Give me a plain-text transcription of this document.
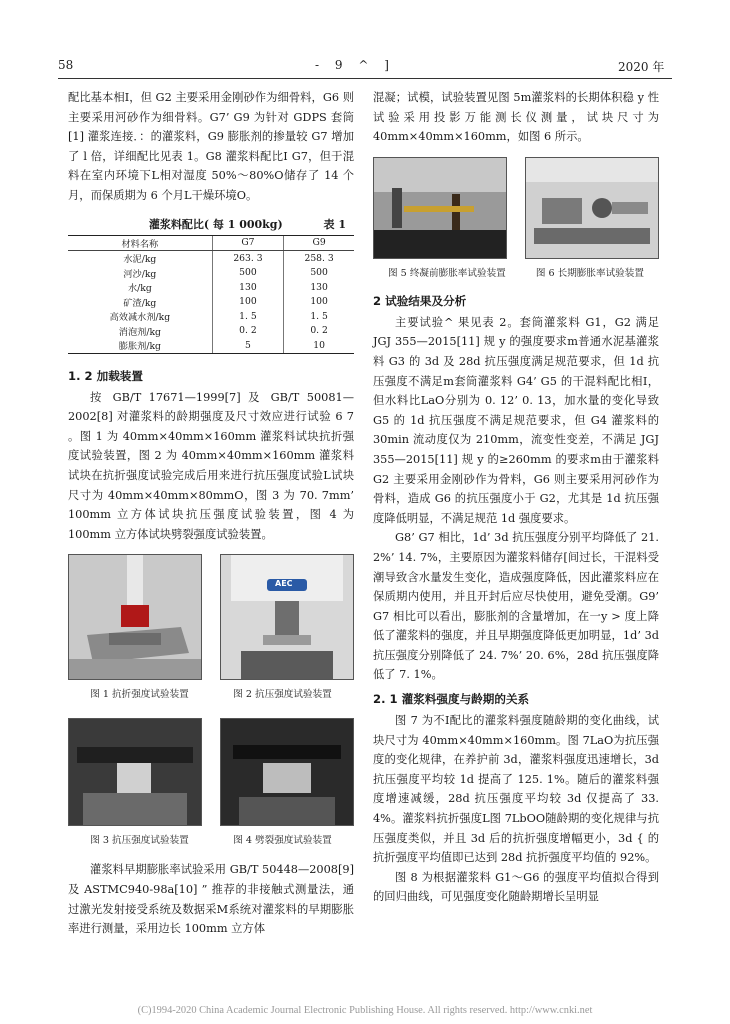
58	- 9 ^ ]	2020 年

配比基本相Ⅰ，但 G2 主要采用金刚砂作为细骨料，G6 则主要采用河砂作为细骨料。G7’ G9 为针对 GDPS 套筒[1] 灌浆连接．：的灌浆料，G9 膨胀剂的掺量较 G7 增加了 l 倍，详细配比见表 1。G8 灌浆料配比Ⅰ G7，但于混料在室内环境下L相对湿度 50%～80%O储存了 14 个月，而保质期为 6 个月L干燥环境O。

灌浆料配比( 每 1 000kg)	表 1
材料名称	G7	G9
水泥/kg	263. 3	258. 3
河沙/kg	500	500
水/kg	130	130
矿渣/kg	100	100
高效减水剂/kg	1. 5	1. 5
消泡剂/kg	0. 2	0. 2
膨胀剂/kg	5	10
1. 2 加载装置

按 GB/T 17671—1999[7] 及 GB/T 50081—2002[8] 对灌浆料的龄期强度及尺寸效应进行试验 6 7 。图 1 为 40mm×40mm×160mm 灌浆料试块抗折强度试验装置，图 2 为 40mm×40mm×160mm 灌浆料试块在抗折强度试验完成后用来进行抗压强度试验L试块尺寸为 40mm×40mm×80mmO，图 3 为 70. 7mm’ 100mm 立方体试块抗压强度试验装置，图 4 为 100mm 立方体试块劈裂强度试验装置。

AEC
图 1 抗折强度试验装置	图 2 抗压强度试验装置
图 3 抗压强度试验装置	图 4 劈裂强度试验装置

灌浆料早期膨胀率试验采用 GB/T 50448—2008[9] 及 ASTMC940-98a[10] ” 推荐的非接触式测量法，通过激光发射接受系统及数据采M系统对灌浆料的早期膨胀率进行测量，采用边长 100mm 立方体

混凝；试模，试验装置见图 5m灌浆料的长期体积稳 y 性试验采用投影万能测长仪测量，试块尺寸为 40mm×40mm×160mm，如图 6 所示。

图 5 终凝前膨胀率试验装置	图 6 长期膨胀率试验装置
2 试验结果及分析

主要试验^ 果见表 2。套筒灌浆料 G1，G2 满足 JGJ 355—2015[11] 规 y 的强度要求m普通水泥基灌浆料 G3 的 3d 及 28d 抗压强度满足规范要求，但 1d 抗压强度不满足m套筒灌浆料 G4’ G5 的干混料配比相Ⅰ，但水料比LaO分别为 0. 12’ 0. 13，加水量的变化导致 G5 的 1d 抗压强度不满足规范要求，但 G4 灌浆料的 30min 流动度仅为 210mm，流变性变差，不满足 JGJ 355—2015[11] 规 y 的≥260mm 的要求m由于灌浆料 G2 主要采用金刚砂作为骨料，G6 则主要采用河砂作为骨料，造成 G6 的抗压强度小于 G2，尤其是 1d 抗压强度降低明显，不满足规范 1d 强度要求。

G8’ G7 相比，1d’ 3d 抗压强度分别平均降低了 21. 2%’ 14. 7%，主要原因为灌浆料储存[间过长，干混料受潮导致含水量发生变化，造成强度降低，因此灌浆料应在保质期内使用，并且开封后应尽快使用，避免受潮。G9’ G7 相比可以看出，膨胀剂的含量增加，在一y > 度上降低了灌浆料的强度，并且早期强度降低更加明显，1d’ 3d 抗压强度分别降低了 24. 7%’ 20. 6%，28d 抗压强度降低了 7. 1%。

2. 1 灌浆料强度与龄期的关系

图 7 为不Ⅰ配比的灌浆料强度随龄期的变化曲线，试块尺寸为 40mm×40mm×160mm。图 7LaO为抗压强度的变化规律，在养护前 3d，灌浆料强度迅速增长，3d 抗压强度平均较 1d 提高了 125. 1%。随后的灌浆料强度增速减缓，28d 抗压强度平均较 3d 仅提高了 33. 4%。灌浆料抗折强度L图 7LbOO随龄期的变化规律与抗压强度类似，并且 3d 后的抗折强度增幅更小，3d { 的抗折强度平均值即已达到 28d 抗折强度平均值的 92%。

图 8 为根据灌浆料 G1～G6 的强度平均值拟合得到的回归曲线，可见强度变化随龄期增长呈明显

(C)1994-2020 China Academic Journal Electronic Publishing House. All rights reserved. http://www.cnki.net
